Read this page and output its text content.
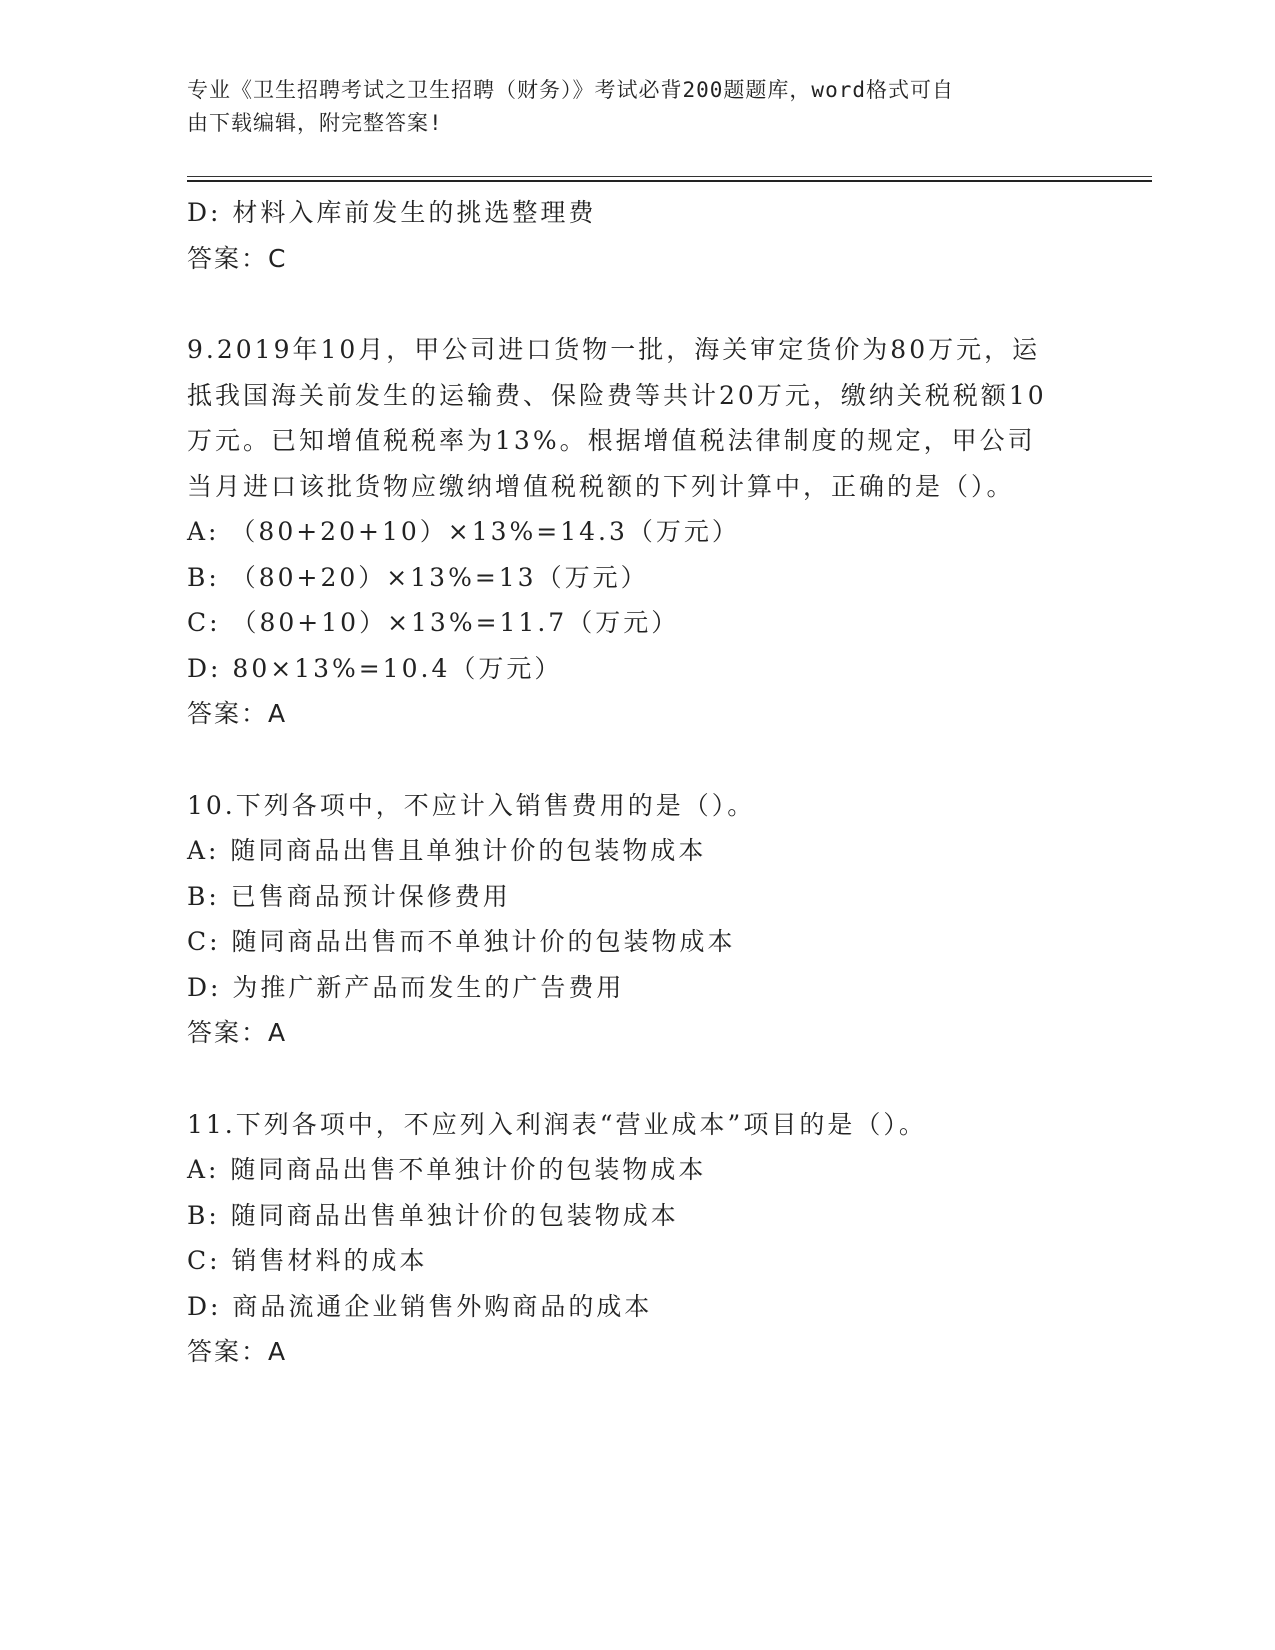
专业《卫生招聘考试之卫生招聘（财务）》考试必背200题题库，word格式可自
由下载编辑，附完整答案!
D: 材料入库前发生的挑选整理费
答案：C
9.2019年10月，甲公司进口货物一批，海关审定货价为80万元，运
抵我国海关前发生的运输费、保险费等共计20万元，缴纳关税税额10
万元。已知增值税税率为13%。根据增值税法律制度的规定，甲公司
当月进口该批货物应缴纳增值税税额的下列计算中，正确的是（）。
A: （80+20+10）×13%=14.3（万元）
B: （80+20）×13%=13（万元）
C: （80+10）×13%=11.7（万元）
D: 80×13%=10.4（万元）
答案：A
10.下列各项中，不应计入销售费用的是（）。
A: 随同商品出售且单独计价的包装物成本
B: 已售商品预计保修费用
C: 随同商品出售而不单独计价的包装物成本
D: 为推广新产品而发生的广告费用
答案：A
11.下列各项中，不应列入利润表“营业成本”项目的是（）。
A: 随同商品出售不单独计价的包装物成本
B: 随同商品出售单独计价的包装物成本
C: 销售材料的成本
D: 商品流通企业销售外购商品的成本
答案：A
